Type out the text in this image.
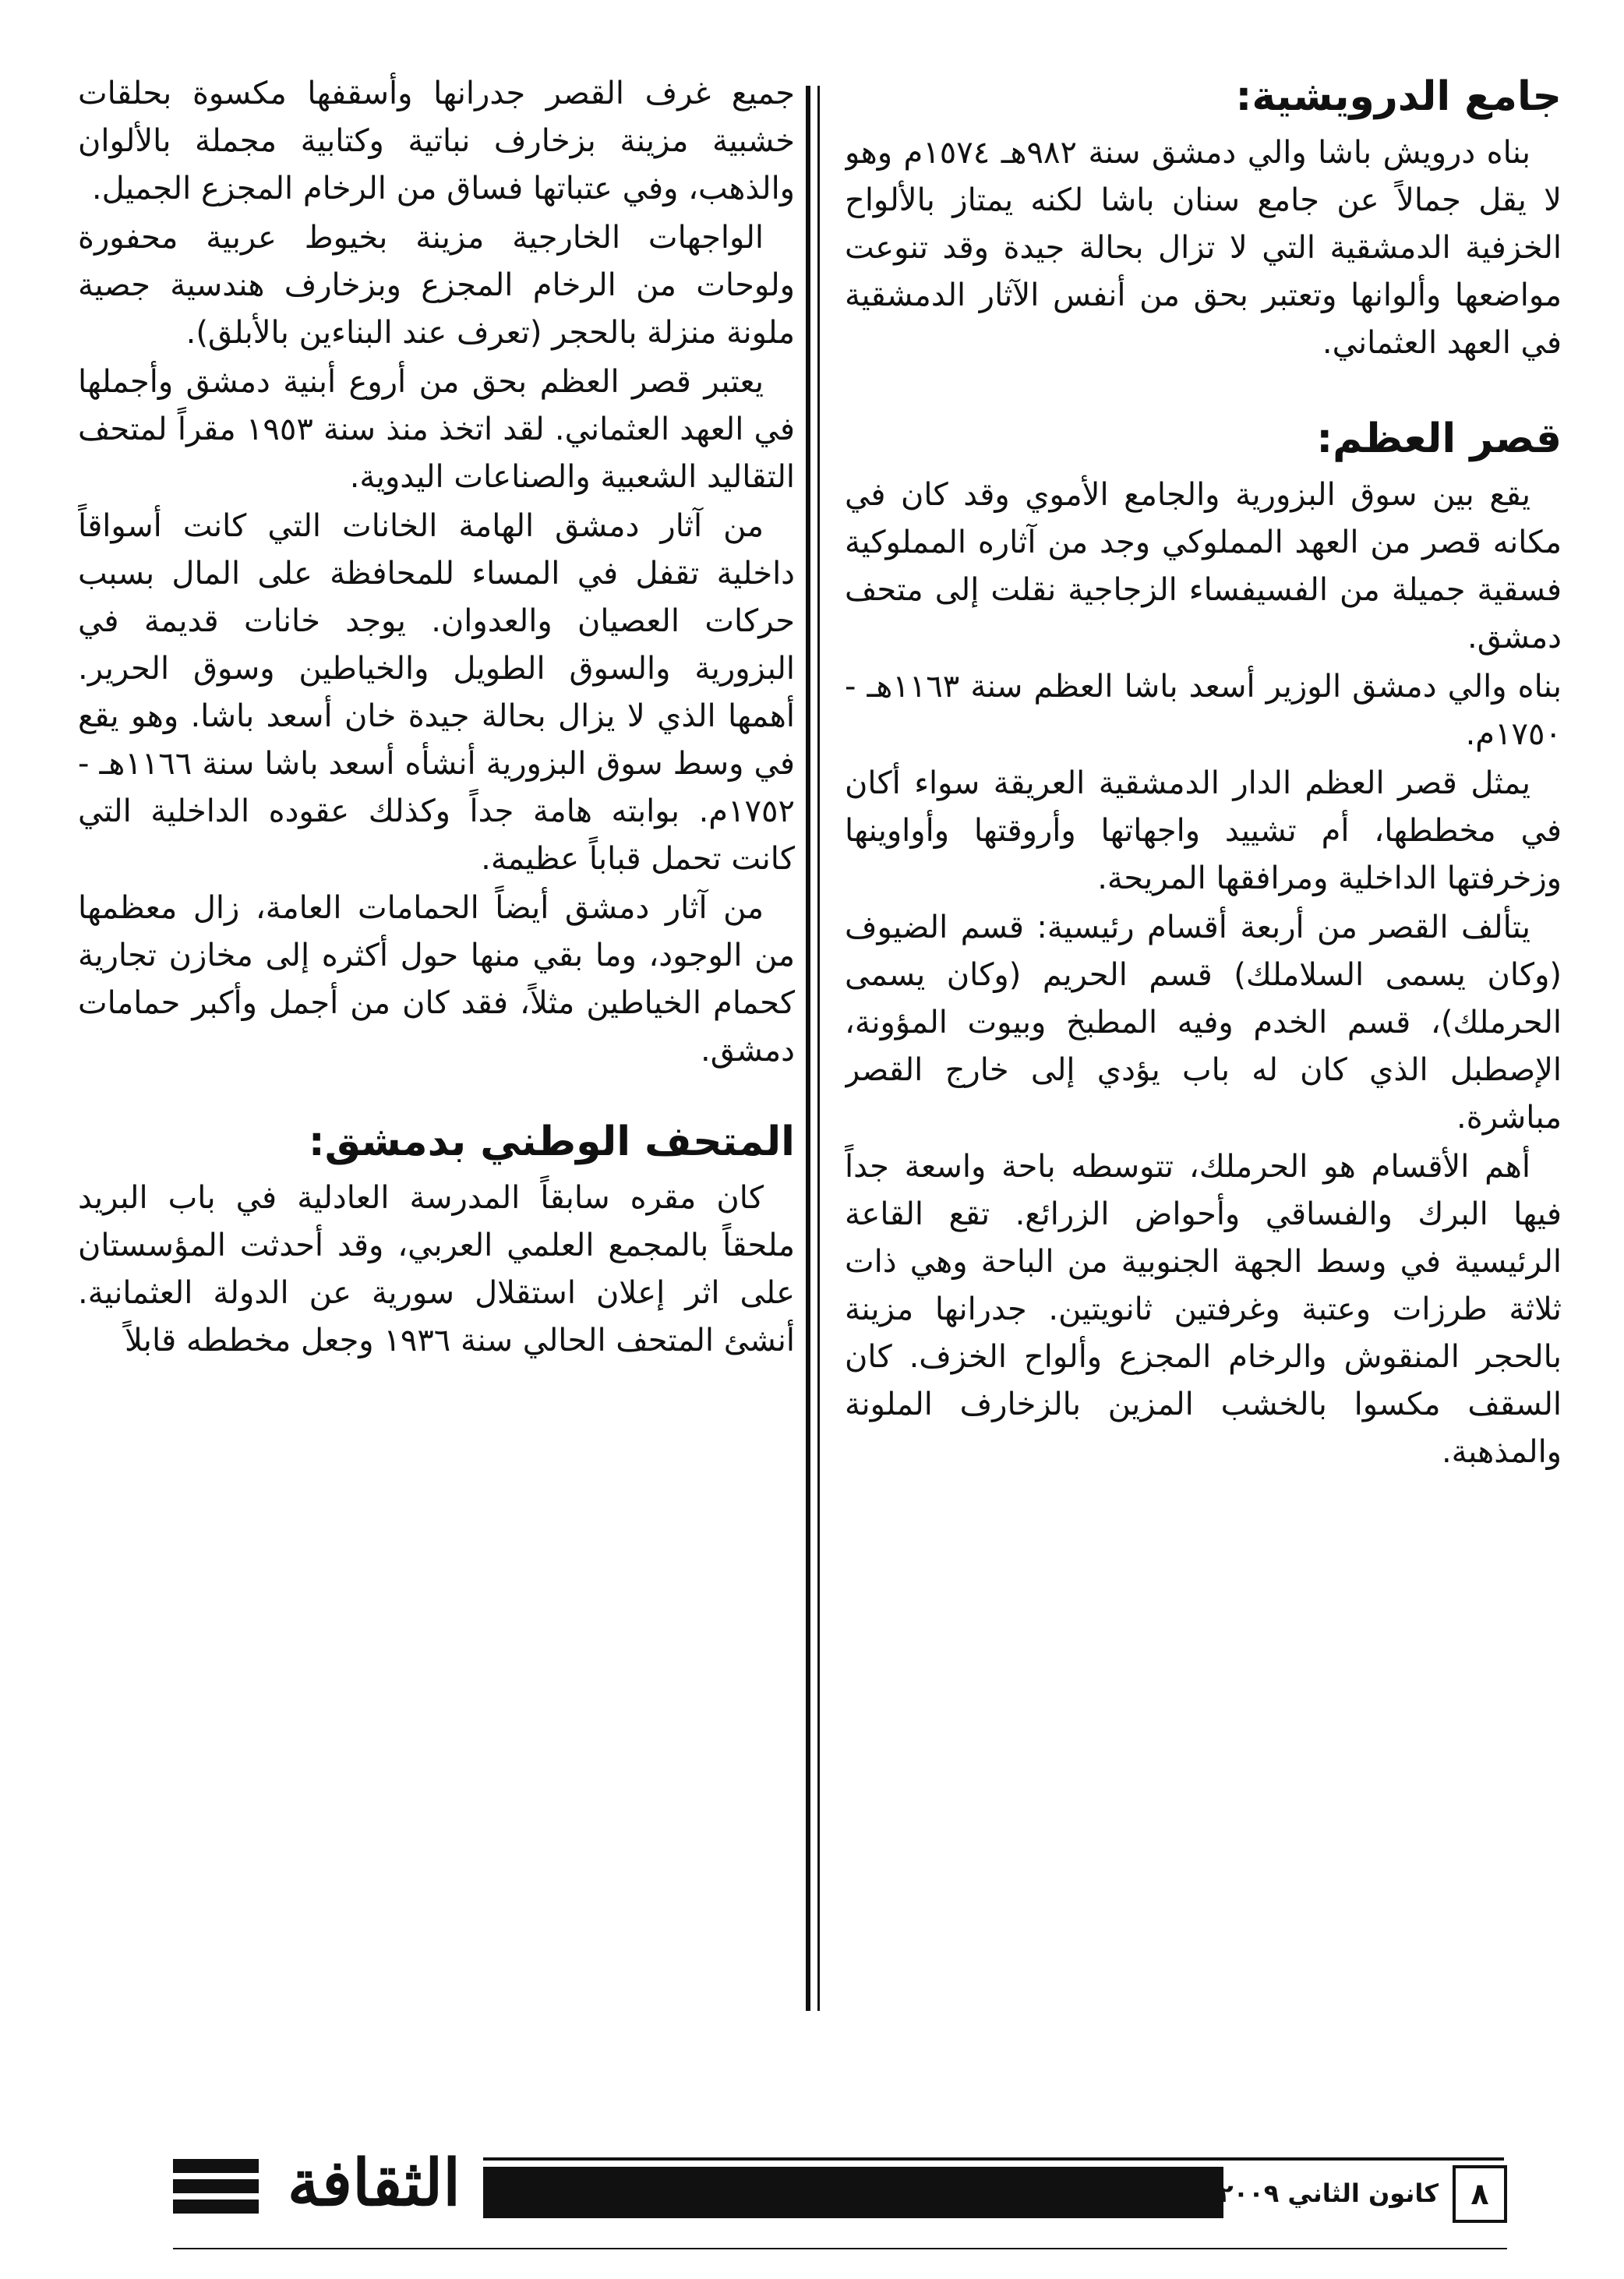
جامع الدرويشية:

بناه درويش باشا والي دمشق سنة ٩٨٢هـ ١٥٧٤م وهو لا يقل جمالاً عن جامع سنان باشا لكنه يمتاز بالألواح الخزفية الدمشقية التي لا تزال بحالة جيدة وقد تنوعت مواضعها وألوانها وتعتبر بحق من أنفس الآثار الدمشقية في العهد العثماني.

قصر العظم:

يقع بين سوق البزورية والجامع الأموي وقد كان في مكانه قصر من العهد المملوكي وجد من آثاره المملوكية فسقية جميلة من الفسيفساء الزجاجية نقلت إلى متحف دمشق.

بناه والي دمشق الوزير أسعد باشا العظم سنة ١١٦٣هـ - ١٧٥٠م.

يمثل قصر العظم الدار الدمشقية العريقة سواء أكان في مخططها، أم تشييد واجهاتها وأروقتها وأواوينها وزخرفتها الداخلية ومرافقها المريحة.

يتألف القصر من أربعة أقسام رئيسية: قسم الضيوف (وكان يسمى السلاملك) قسم الحريم (وكان يسمى الحرملك)، قسم الخدم وفيه المطبخ وبيوت المؤونة، الإصطبل الذي كان له باب يؤدي إلى خارج القصر مباشرة.

أهم الأقسام هو الحرملك، تتوسطه باحة واسعة جداً فيها البرك والفساقي وأحواض الزرائع. تقع القاعة الرئيسية في وسط الجهة الجنوبية من الباحة وهي ذات ثلاثة طرزات وعتبة وغرفتين ثانويتين. جدرانها مزينة بالحجر المنقوش والرخام المجزع وألواح الخزف. كان السقف مكسوا بالخشب المزين بالزخارف الملونة والمذهبة.

جميع غرف القصر جدرانها وأسقفها مكسوة بحلقات خشبية مزينة بزخارف نباتية وكتابية مجملة بالألوان والذهب، وفي عتباتها فساق من الرخام المجزع الجميل.

الواجهات الخارجية مزينة بخيوط عربية محفورة ولوحات من الرخام المجزع وبزخارف هندسية جصية ملونة منزلة بالحجر (تعرف عند البناءين بالأبلق).

يعتبر قصر العظم بحق من أروع أبنية دمشق وأجملها في العهد العثماني. لقد اتخذ منذ سنة ١٩٥٣ مقراً لمتحف التقاليد الشعبية والصناعات اليدوية.

من آثار دمشق الهامة الخانات التي كانت أسواقاً داخلية تقفل في المساء للمحافظة على المال بسبب حركات العصيان والعدوان. يوجد خانات قديمة في البزورية والسوق الطويل والخياطين وسوق الحرير. أهمها الذي لا يزال بحالة جيدة خان أسعد باشا. وهو يقع في وسط سوق البزورية أنشأه أسعد باشا سنة ١١٦٦هـ - ١٧٥٢م. بوابته هامة جداً وكذلك عقوده الداخلية التي كانت تحمل قباباً عظيمة.

من آثار دمشق أيضاً الحمامات العامة، زال معظمها من الوجود، وما بقي منها حول أكثره إلى مخازن تجارية كحمام الخياطين مثلاً، فقد كان من أجمل وأكبر حمامات دمشق.

المتحف الوطني بدمشق:

كان مقره سابقاً المدرسة العادلية في باب البريد ملحقاً بالمجمع العلمي العربي، وقد أحدثت المؤسستان على اثر إعلان استقلال سورية عن الدولة العثمانية. أنشئ المتحف الحالي سنة ١٩٣٦ وجعل مخططه قابلاً

الثقافة	كانون الثاني ٢٠٠٩م	٨
